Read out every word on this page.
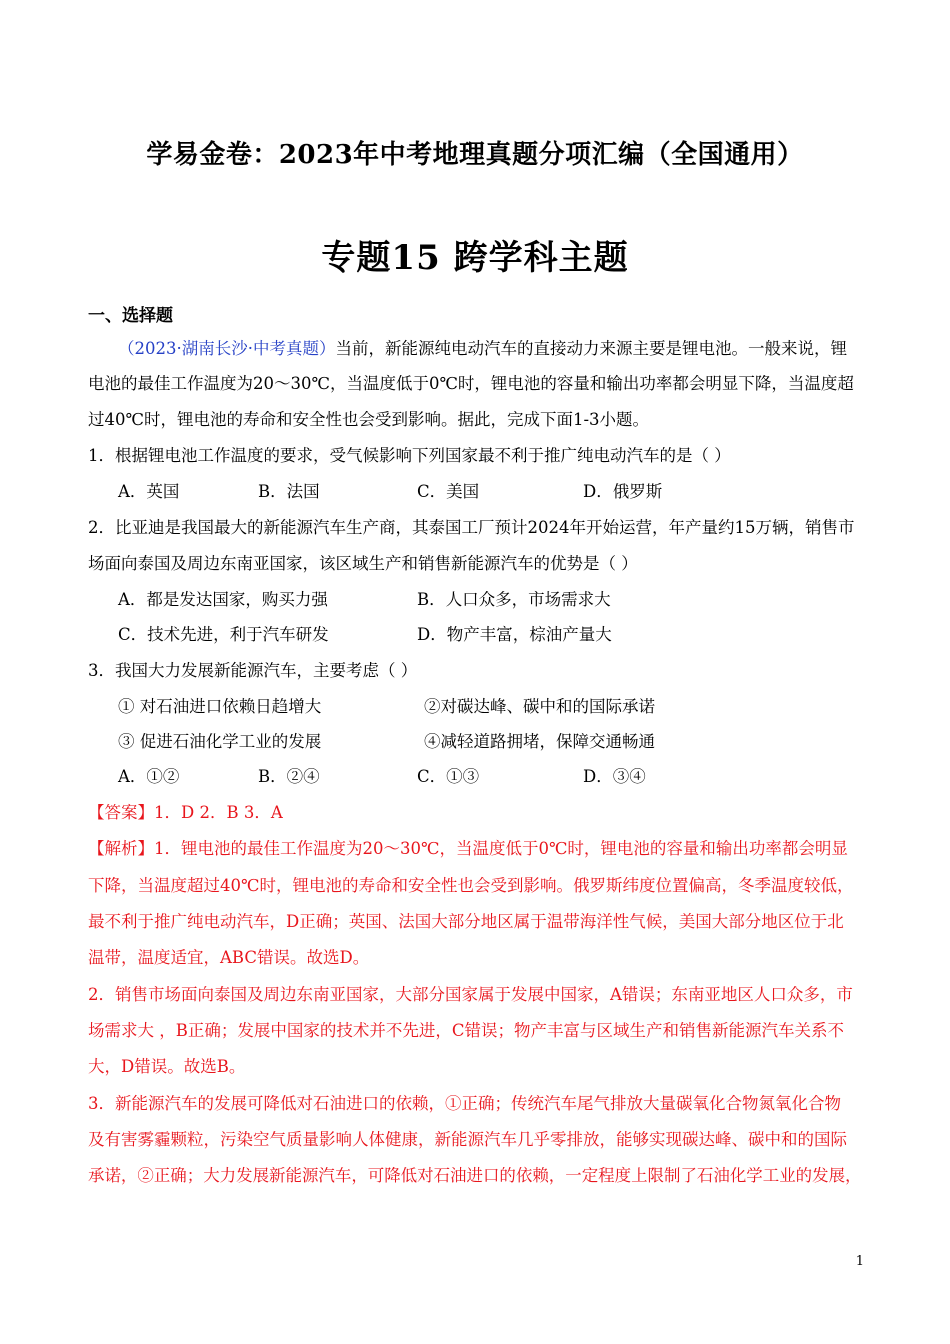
学易金卷：2023年中考地理真题分项汇编（全国通用）
专题15 跨学科主题
一、选择题
（2023·湖南长沙·中考真题）当前，新能源纯电动汽车的直接动力来源主要是锂电池。一般来说，锂
电池的最佳工作温度为20～30℃，当温度低于0℃时，锂电池的容量和输出功率都会明显下降，当温度超
过40℃时，锂电池的寿命和安全性也会受到影响。据此，完成下面1-3小题。
1．根据锂电池工作温度的要求，受气候影响下列国家最不利于推广纯电动汽车的是（ ）
A．英国	B．法国	C．美国	D．俄罗斯
2．比亚迪是我国最大的新能源汽车生产商，其泰国工厂预计2024年开始运营，年产量约15万辆，销售市
场面向泰国及周边东南亚国家，该区域生产和销售新能源汽车的优势是（ ）
A．都是发达国家，购买力强	B．人口众多，市场需求大
C．技术先进，利于汽车研发	D．物产丰富，棕油产量大
3．我国大力发展新能源汽车，主要考虑（ ）
① 对石油进口依赖日趋增大	②对碳达峰、碳中和的国际承诺
③ 促进石油化学工业的发展	④减轻道路拥堵，保障交通畅通
A．①②	B．②④	C．①③	D．③④
【答案】1．D 2．B 3．A
【解析】1．锂电池的最佳工作温度为20～30℃，当温度低于0℃时，锂电池的容量和输出功率都会明显
下降，当温度超过40℃时，锂电池的寿命和安全性也会受到影响。俄罗斯纬度位置偏高，冬季温度较低，
最不利于推广纯电动汽车，D正确；英国、法国大部分地区属于温带海洋性气候，美国大部分地区位于北
温带，温度适宜，ABC错误。故选D。
2．销售市场面向泰国及周边东南亚国家，大部分国家属于发展中国家，A错误；东南亚地区人口众多，市
场需求大 ，B正确；发展中国家的技术并不先进，C错误；物产丰富与区域生产和销售新能源汽车关系不
大，D错误。故选B。
3．新能源汽车的发展可降低对石油进口的依赖，①正确；传统汽车尾气排放大量碳氧化合物氮氧化合物
及有害雾霾颗粒，污染空气质量影响人体健康，新能源汽车几乎零排放，能够实现碳达峰、碳中和的国际
承诺，②正确；大力发展新能源汽车，可降低对石油进口的依赖，一定程度上限制了石油化学工业的发展，
1
